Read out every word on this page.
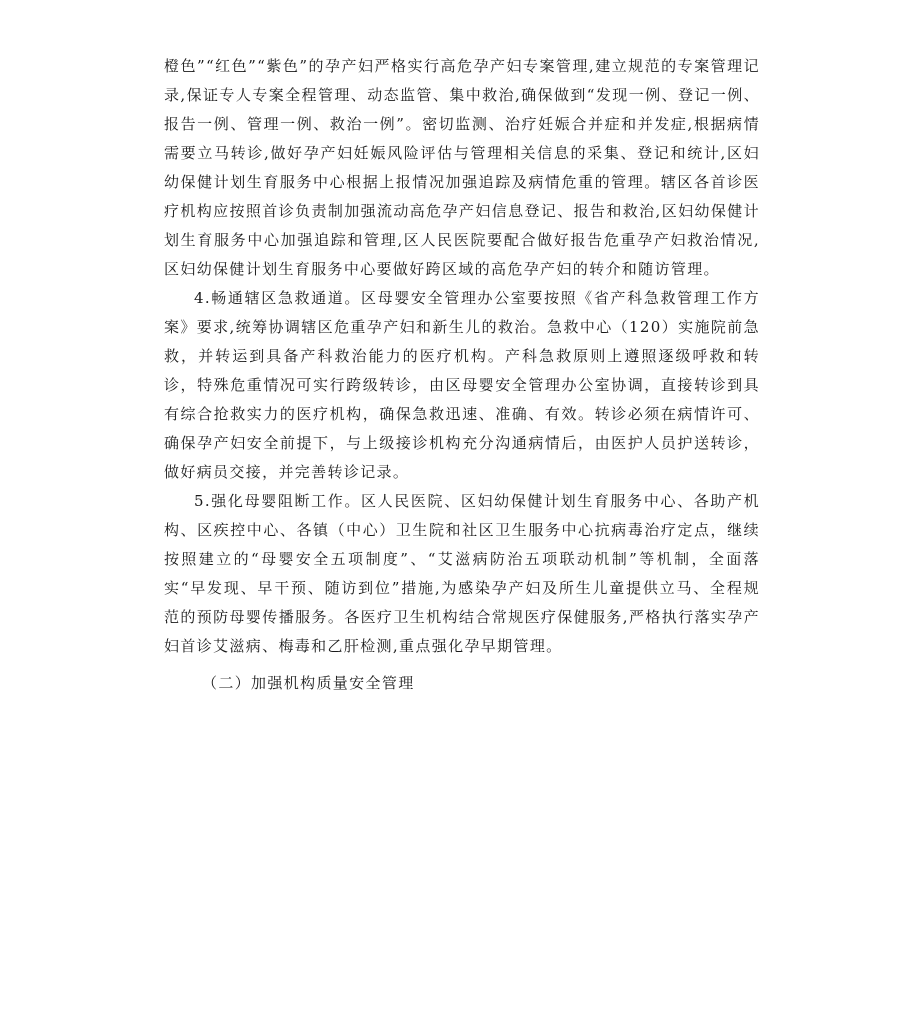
橙色”“红色”“紫色”的孕产妇严格实行高危孕产妇专案管理,建立规范的专案管理记录,保证专人专案全程管理、动态监管、集中救治,确保做到“发现一例、登记一例、报告一例、管理一例、救治一例”。密切监测、治疗妊娠合并症和并发症,根据病情需要立马转诊,做好孕产妇妊娠风险评估与管理相关信息的采集、登记和统计,区妇幼保健计划生育服务中心根据上报情况加强追踪及病情危重的管理。辖区各首诊医疗机构应按照首诊负责制加强流动高危孕产妇信息登记、报告和救治,区妇幼保健计划生育服务中心加强追踪和管理,区人民医院要配合做好报告危重孕产妇救治情况,区妇幼保健计划生育服务中心要做好跨区域的高危孕产妇的转介和随访管理。

4.畅通辖区急救通道。区母婴安全管理办公室要按照《省产科急救管理工作方案》要求,统筹协调辖区危重孕产妇和新生儿的救治。急救中心（120）实施院前急救，并转运到具备产科救治能力的医疗机构。产科急救原则上遵照逐级呼救和转诊，特殊危重情况可实行跨级转诊，由区母婴安全管理办公室协调，直接转诊到具有综合抢救实力的医疗机构，确保急救迅速、准确、有效。转诊必须在病情许可、确保孕产妇安全前提下，与上级接诊机构充分沟通病情后，由医护人员护送转诊，做好病员交接，并完善转诊记录。

5.强化母婴阻断工作。区人民医院、区妇幼保健计划生育服务中心、各助产机构、区疾控中心、各镇（中心）卫生院和社区卫生服务中心抗病毒治疗定点，继续按照建立的“母婴安全五项制度”、“艾滋病防治五项联动机制”等机制，全面落实“早发现、早干预、随访到位”措施,为感染孕产妇及所生儿童提供立马、全程规范的预防母婴传播服务。各医疗卫生机构结合常规医疗保健服务,严格执行落实孕产妇首诊艾滋病、梅毒和乙肝检测,重点强化孕早期管理。

（二）加强机构质量安全管理
